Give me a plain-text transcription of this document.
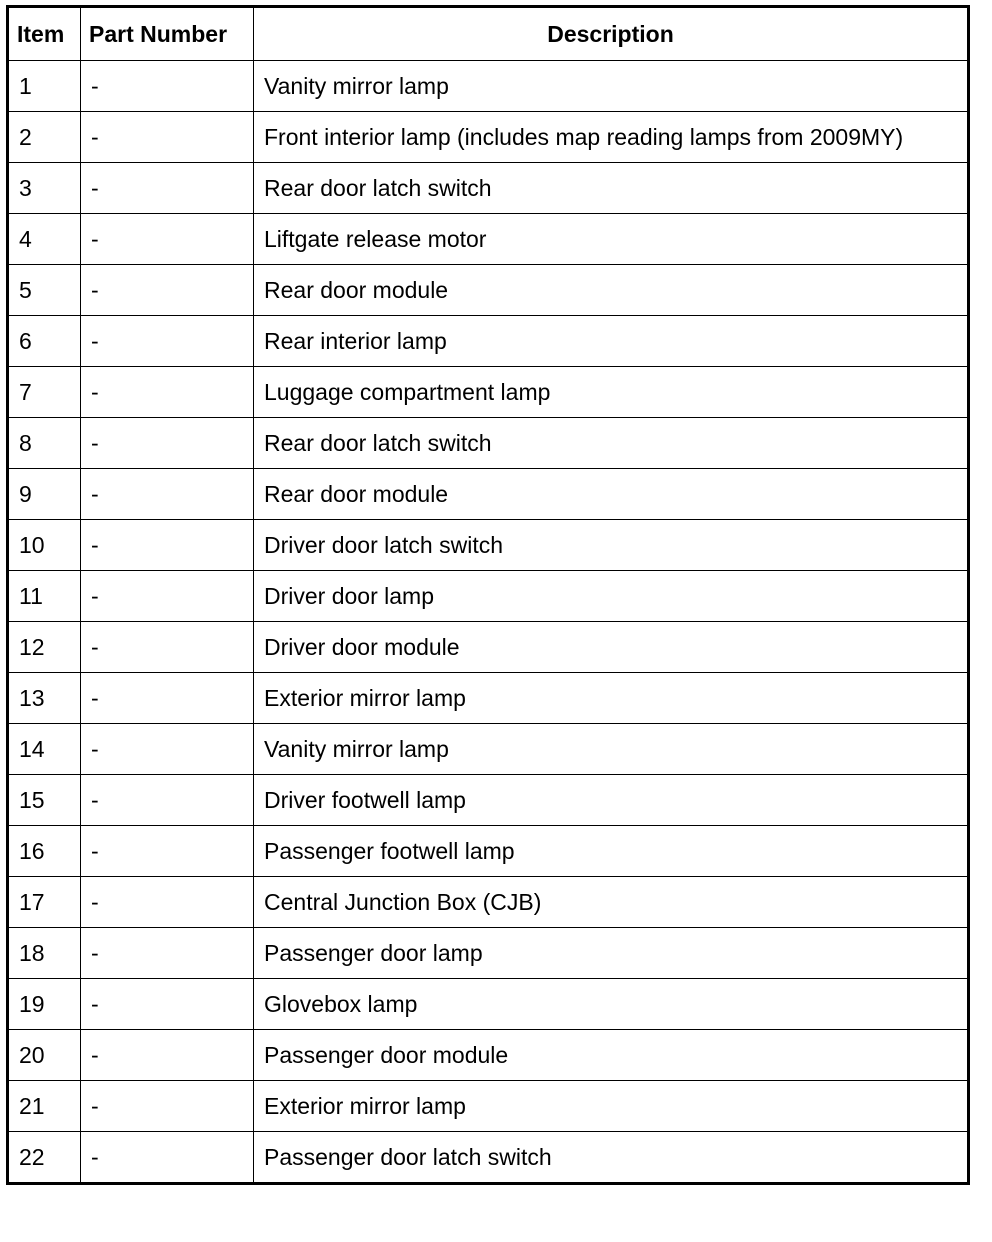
Item	Part Number	Description
1	-	Vanity mirror lamp
2	-	Front interior lamp (includes map reading lamps from 2009MY)
3	-	Rear door latch switch
4	-	Liftgate release motor
5	-	Rear door module
6	-	Rear interior lamp
7	-	Luggage compartment lamp
8	-	Rear door latch switch
9	-	Rear door module
10	-	Driver door latch switch
11	-	Driver door lamp
12	-	Driver door module
13	-	Exterior mirror lamp
14	-	Vanity mirror lamp
15	-	Driver footwell lamp
16	-	Passenger footwell lamp
17	-	Central Junction Box (CJB)
18	-	Passenger door lamp
19	-	Glovebox lamp
20	-	Passenger door module
21	-	Exterior mirror lamp
22	-	Passenger door latch switch
